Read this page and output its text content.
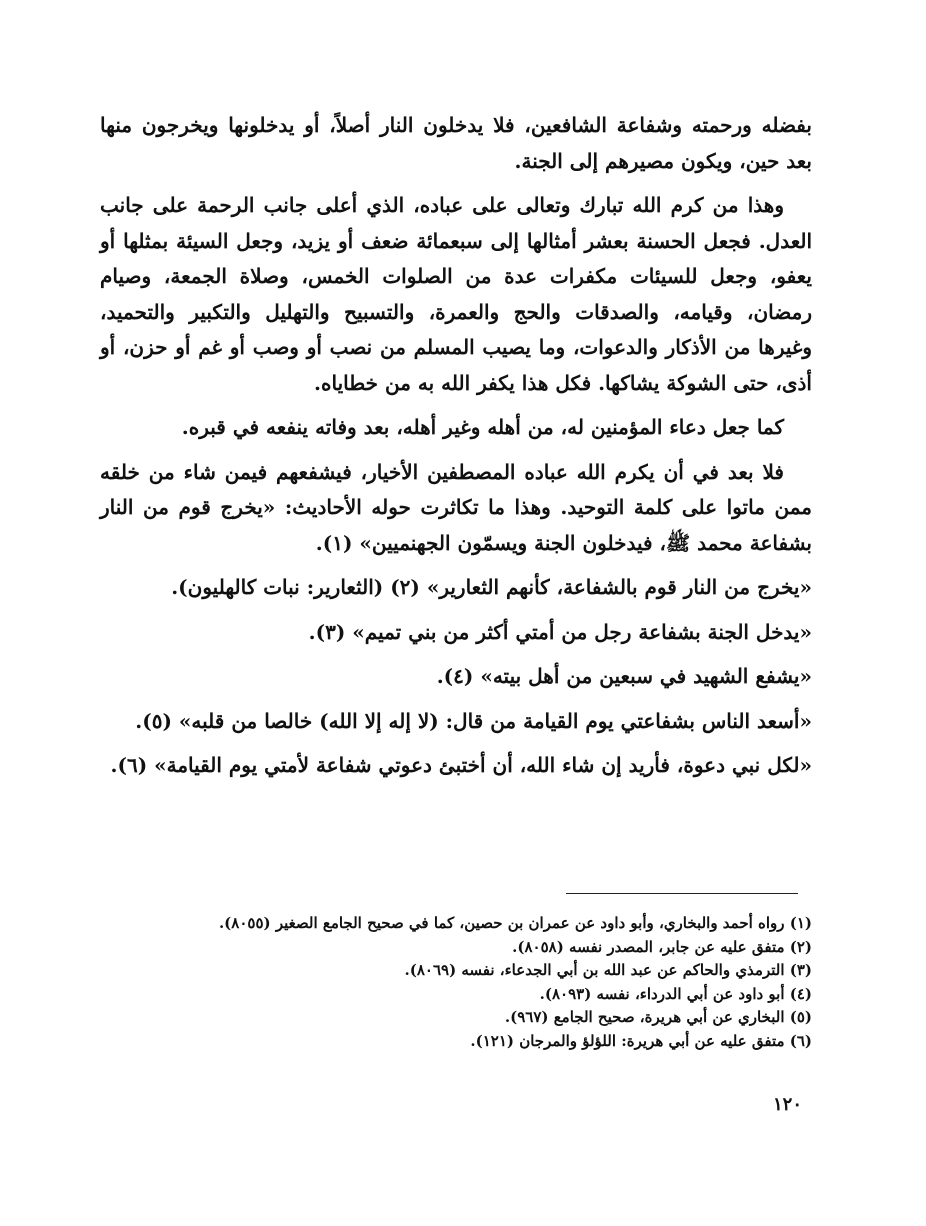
بفضله ورحمته وشفاعة الشافعين، فلا يدخلون النار أصلاً، أو يدخلونها ويخرجون منها بعد حين، ويكون مصيرهم إلى الجنة.

وهذا من كرم الله تبارك وتعالى على عباده، الذي أعلى جانب الرحمة على جانب العدل. فجعل الحسنة بعشر أمثالها إلى سبعمائة ضعف أو يزيد، وجعل السيئة بمثلها أو يعفو، وجعل للسيئات مكفرات عدة من الصلوات الخمس، وصلاة الجمعة، وصيام رمضان، وقيامه، والصدقات والحج والعمرة، والتسبيح والتهليل والتكبير والتحميد، وغيرها من الأذكار والدعوات، وما يصيب المسلم من نصب أو وصب أو غم أو حزن، أو أذى، حتى الشوكة يشاكها. فكل هذا يكفر الله به من خطاياه.

كما جعل دعاء المؤمنين له، من أهله وغير أهله، بعد وفاته ينفعه في قبره.

فلا بعد في أن يكرم الله عباده المصطفين الأخيار، فيشفعهم فيمن شاء من خلقه ممن ماتوا على كلمة التوحيد. وهذا ما تكاثرت حوله الأحاديث: «يخرج قوم من النار بشفاعة محمد ﷺ، فيدخلون الجنة ويسمّون الجهنميين» (١).

«يخرج من النار قوم بالشفاعة، كأنهم الثعارير» (٢) (الثعارير: نبات كالهليون).

«يدخل الجنة بشفاعة رجل من أمتي أكثر من بني تميم» (٣).

«يشفع الشهيد في سبعين من أهل بيته» (٤).

«أسعد الناس بشفاعتي يوم القيامة من قال: (لا إله إلا الله) خالصا من قلبه» (٥).

«لكل نبي دعوة، فأريد إن شاء الله، أن أختبئ دعوتي شفاعة لأمتي يوم القيامة» (٦).

(١) رواه أحمد والبخاري، وأبو داود عن عمران بن حصين، كما في صحيح الجامع الصغير (٨٠٥٥).

(٢) متفق عليه عن جابر، المصدر نفسه (٨٠٥٨).

(٣) الترمذي والحاكم عن عبد الله بن أبي الجدعاء، نفسه (٨٠٦٩).

(٤) أبو داود عن أبي الدرداء، نفسه (٨٠٩٣).

(٥) البخاري عن أبي هريرة، صحيح الجامع (٩٦٧).

(٦) متفق عليه عن أبي هريرة: اللؤلؤ والمرجان (١٢١).

١٢٠
